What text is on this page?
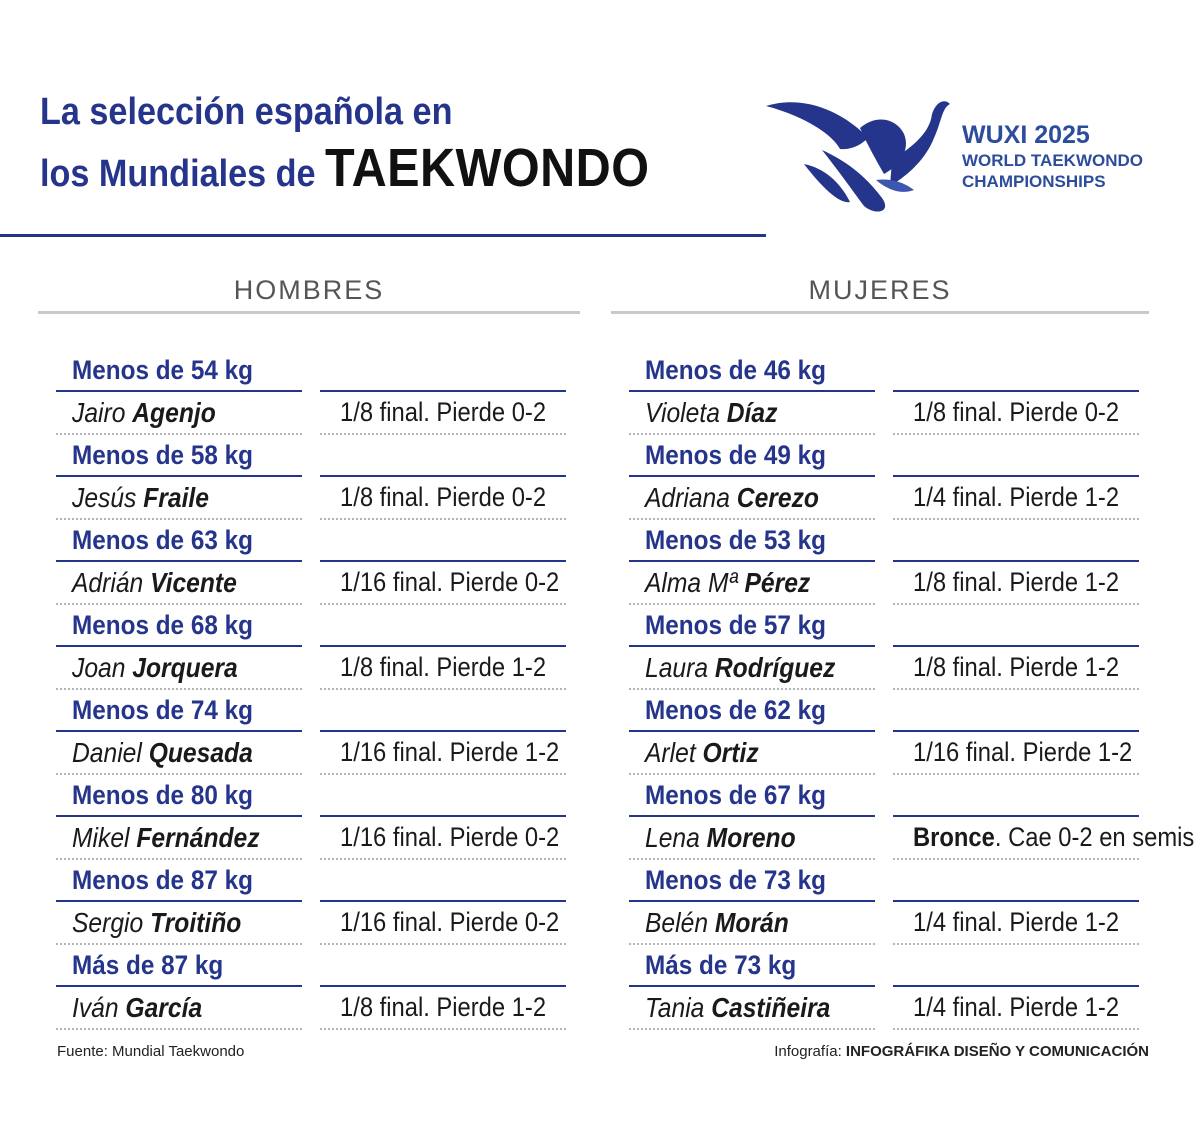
La selección española en
los Mundiales de TAEKWONDO
WUXI 2025
WORLD TAEKWONDO
CHAMPIONSHIPS
HOMBRES
Menos de 54 kg
Jairo Agenjo	1/8 final. Pierde 0-2
Menos de 58 kg
Jesús Fraile	1/8 final. Pierde 0-2
Menos de 63 kg
Adrián Vicente	1/16 final. Pierde 0-2
Menos de 68 kg
Joan Jorquera	1/8 final. Pierde 1-2
Menos de 74 kg
Daniel Quesada	1/16 final. Pierde 1-2
Menos de 80 kg
Mikel Fernández	1/16 final. Pierde 0-2
Menos de 87 kg
Sergio Troitiño	1/16 final. Pierde 0-2
Más de 87 kg
Iván García	1/8 final. Pierde 1-2
MUJERES
Menos de 46 kg
Violeta Díaz	1/8 final. Pierde 0-2
Menos de 49 kg
Adriana Cerezo	1/4 final. Pierde 1-2
Menos de 53 kg
Alma Mª Pérez	1/8 final. Pierde 1-2
Menos de 57 kg
Laura Rodríguez	1/8 final. Pierde 1-2
Menos de 62 kg
Arlet Ortiz	1/16 final. Pierde 1-2
Menos de 67 kg
Lena Moreno	Bronce. Cae 0-2 en semis
Menos de 73 kg
Belén Morán	1/4 final. Pierde 1-2
Más de 73 kg
Tania Castiñeira	1/4 final. Pierde 1-2
Fuente: Mundial Taekwondo	Infografía: INFOGRÁFIKA DISEÑO Y COMUNICACIÓN
